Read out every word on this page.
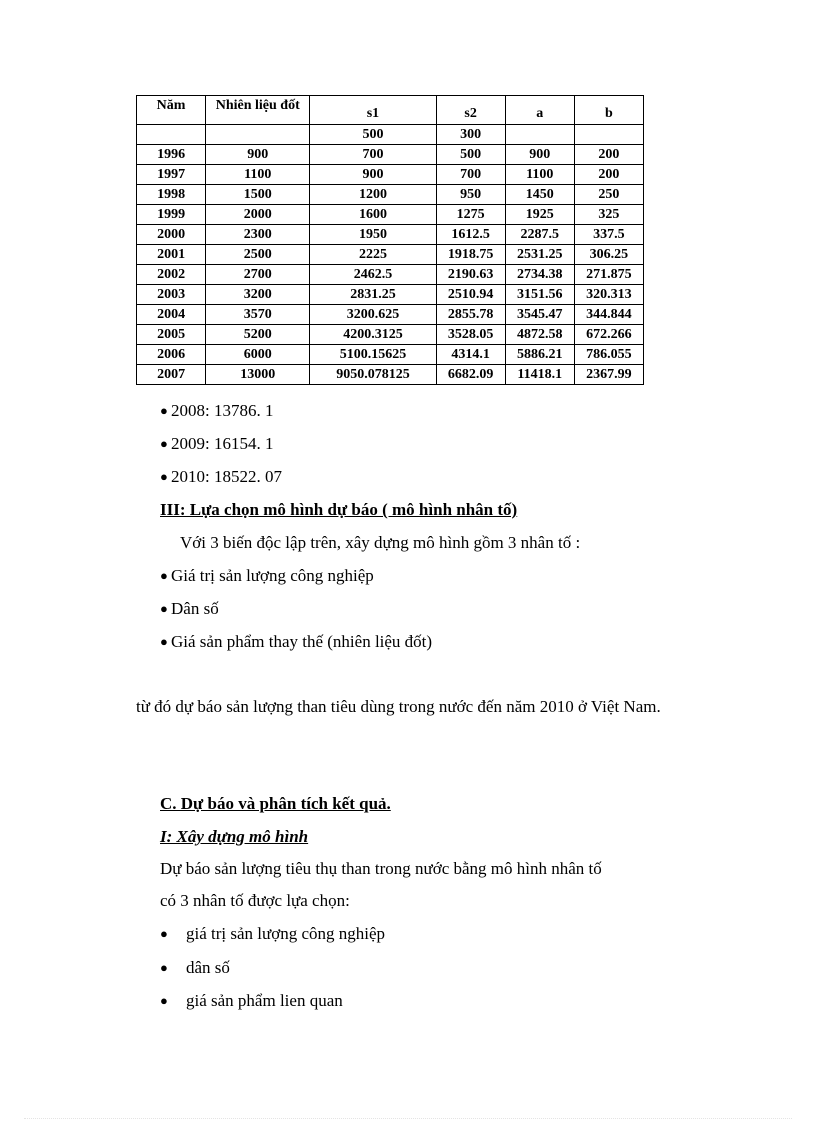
Năm	Nhiên liệu đốt	s1	s2	a	b
		500	300		
1996	900	700	500	900	200
1997	1100	900	700	1100	200
1998	1500	1200	950	1450	250
1999	2000	1600	1275	1925	325
2000	2300	1950	1612.5	2287.5	337.5
2001	2500	2225	1918.75	2531.25	306.25
2002	2700	2462.5	2190.63	2734.38	271.875
2003	3200	2831.25	2510.94	3151.56	320.313
2004	3570	3200.625	2855.78	3545.47	344.844
2005	5200	4200.3125	3528.05	4872.58	672.266
2006	6000	5100.15625	4314.1	5886.21	786.055
2007	13000	9050.078125	6682.09	11418.1	2367.99
● 2008: 13786. 1
● 2009: 16154. 1
● 2010: 18522. 07
III: Lựa chọn mô hình dự báo ( mô hình nhân tố)
Với 3 biến độc lập trên, xây dựng mô hình gồm 3 nhân tố :
● Giá trị sản lượng công nghiệp
● Dân số
● Giá sản phẩm thay thế (nhiên liệu đốt)
từ đó dự báo sản lượng than tiêu dùng trong nước đến năm 2010 ở Việt Nam.
C. Dự báo và phân tích kết quả.
I: Xây dựng mô hình
Dự báo sản lượng tiêu thụ than trong nước bằng mô hình nhân tố
có 3 nhân tố được lựa chọn:
● giá trị sản lượng công nghiệp
● dân số
● giá sản phẩm lien quan
